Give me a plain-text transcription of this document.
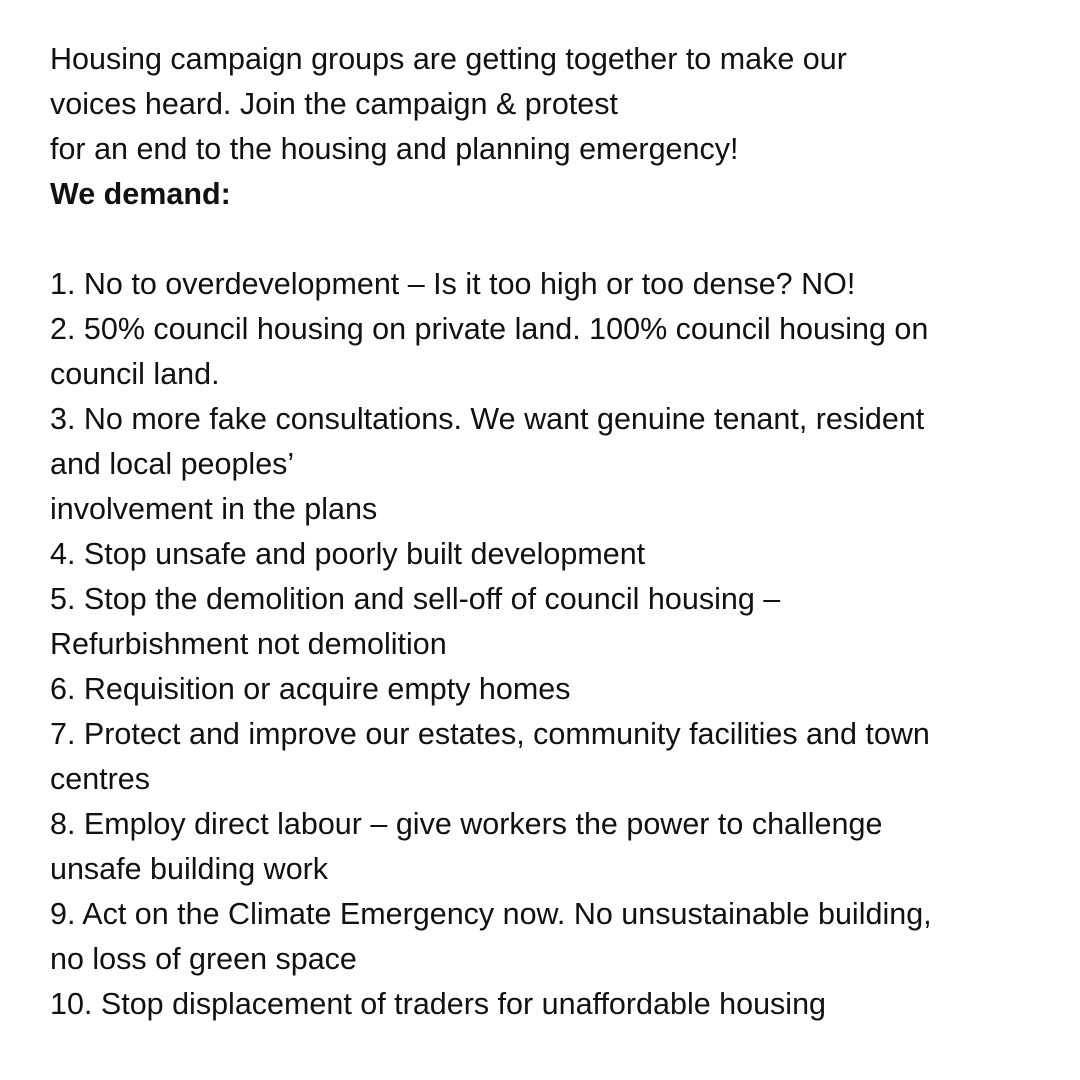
Housing campaign groups are getting together to make our
voices heard. Join the campaign & protest
for an end to the housing and planning emergency!
We demand:
1. No to overdevelopment – Is it too high or too dense? NO!
2. 50% council housing on private land. 100% council housing on
council land.
3. No more fake consultations. We want genuine tenant, resident
and local peoples’
involvement in the plans
4. Stop unsafe and poorly built development
5. Stop the demolition and sell-off of council housing –
Refurbishment not demolition
6. Requisition or acquire empty homes
7. Protect and improve our estates, community facilities and town
centres
8. Employ direct labour – give workers the power to challenge
unsafe building work
9. Act on the Climate Emergency now. No unsustainable building,
no loss of green space
10. Stop displacement of traders for unaffordable housing
